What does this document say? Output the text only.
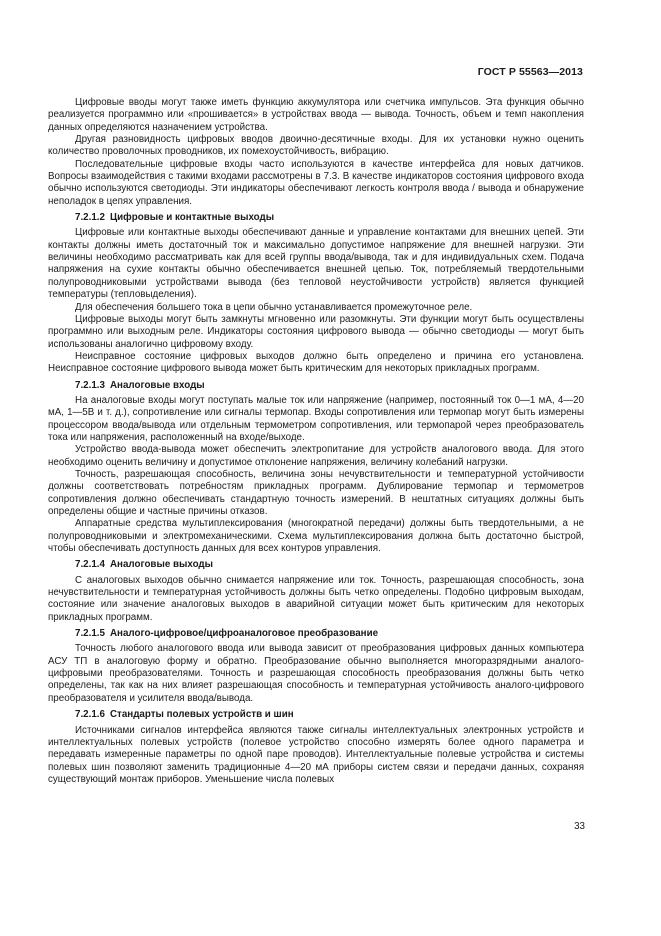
ГОСТ Р 55563—2013

Цифровые вводы могут также иметь функцию аккумулятора или счетчика импульсов. Эта функция обычно реализуется программно или «прошивается» в устройствах ввода — вывода. Точность, объем и темп накопления данных определяются назначением устройства.

Другая разновидность цифровых вводов двоично-десятичные входы. Для их установки нужно оценить количество проволочных проводников, их помехоустойчивость, вибрацию.

Последовательные цифровые входы часто используются в качестве интерфейса для новых датчиков. Вопросы взаимодействия с такими входами рассмотрены в 7.3. В качестве индикаторов состояния цифрового входа обычно используются светодиоды. Эти индикаторы обеспечивают легкость контроля ввода / вывода и обнаружение неполадок в цепях управления.

7.2.1.2 Цифровые и контактные выходы

Цифровые или контактные выходы обеспечивают данные и управление контактами для внешних цепей. Эти контакты должны иметь достаточный ток и максимально допустимое напряжение для внешней нагрузки. Эти величины необходимо рассматривать как для всей группы ввода/вывода, так и для индивидуальных схем. Подача напряжения на сухие контакты обычно обеспечивается внешней цепью. Ток, потребляемый твердотельными полупроводниковыми устройствами вывода (без тепловой неустойчивости устройств) является функцией температуры (тепловыделения).

Для обеспечения большего тока в цепи обычно устанавливается промежуточное реле.

Цифровые выходы могут быть замкнуты мгновенно или разомкнуты. Эти функции могут быть осуществлены программно или выходным реле. Индикаторы состояния цифрового вывода — обычно светодиоды — могут быть использованы аналогично цифровому входу.

Неисправное состояние цифровых выходов должно быть определено и причина его установлена. Неисправное состояние цифрового вывода может быть критическим для некоторых прикладных программ.

7.2.1.3 Аналоговые входы

На аналоговые входы могут поступать малые ток или напряжение (например, постоянный ток 0—1 мА, 4—20 мА, 1—5В и т. д.), сопротивление или сигналы термопар. Входы сопротивления или термопар могут быть измерены процессором ввода/вывода или отдельным термометром сопротивления, или термопарой через преобразователь тока или напряжения, расположенный на входе/выходе.

Устройство ввода-вывода может обеспечить электропитание для устройств аналогового ввода. Для этого необходимо оценить величину и допустимое отклонение напряжения, величину колебаний нагрузки.

Точность, разрешающая способность, величина зоны нечувствительности и температурной устойчивости должны соответствовать потребностям прикладных программ. Дублирование термопар и термометров сопротивления должно обеспечивать стандартную точность измерений. В нештатных ситуациях должны быть определены общие и частные причины отказов.

Аппаратные средства мультиплексирования (многократной передачи) должны быть твердотельными, а не полупроводниковыми и электромеханическими. Схема мультиплексирования должна быть достаточно быстрой, чтобы обеспечивать доступность данных для всех контуров управления.

7.2.1.4 Аналоговые выходы

С аналоговых выходов обычно снимается напряжение или ток. Точность, разрешающая способность, зона нечувствительности и температурная устойчивость должны быть четко определены. Подобно цифровым выходам, состояние или значение аналоговых выходов в аварийной ситуации может быть критическим для некоторых прикладных программ.

7.2.1.5 Аналого-цифровое/цифроаналоговое преобразование

Точность любого аналогового ввода или вывода зависит от преобразования цифровых данных компьютера АСУ ТП в аналоговую форму и обратно. Преобразование обычно выполняется многоразрядными аналого-цифровыми преобразователями. Точность и разрешающая способность преобразования должны быть четко определены, так как на них влияет разрешающая способность и температурная устойчивость аналого-цифрового преобразователя и усилителя ввода/вывода.

7.2.1.6 Стандарты полевых устройств и шин

Источниками сигналов интерфейса являются также сигналы интеллектуальных электронных устройств и интеллектуальных полевых устройств (полевое устройство способно измерять более одного параметра и передавать измеренные параметры по одной паре проводов). Интеллектуальные полевые устройства и системы полевых шин позволяют заменить традиционные 4—20 мА приборы систем связи и передачи данных, сохраняя существующий монтаж приборов. Уменьшение числа полевых

33
